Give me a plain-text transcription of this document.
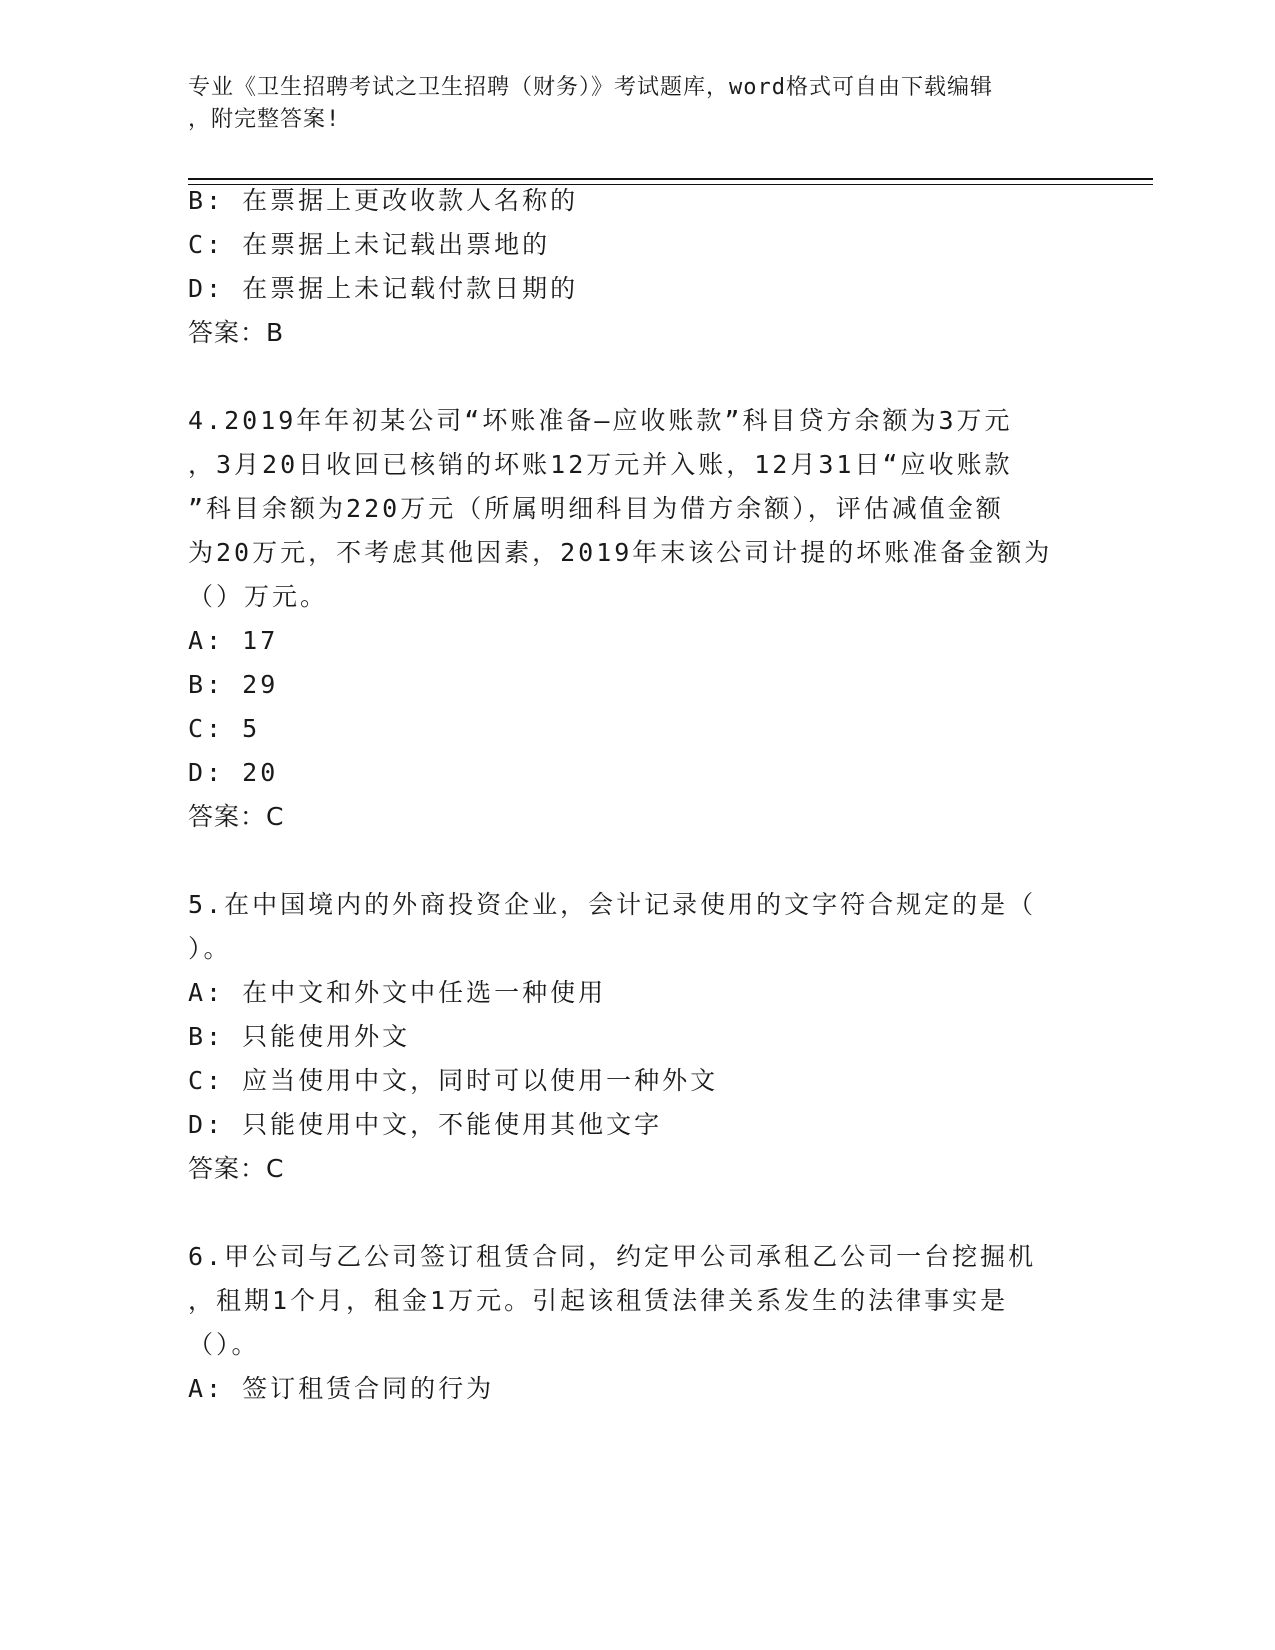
专业《卫生招聘考试之卫生招聘（财务）》考试题库，word格式可自由下载编辑
，附完整答案!
B: 在票据上更改收款人名称的
C: 在票据上未记载出票地的
D: 在票据上未记载付款日期的
答案：B
4.2019年年初某公司“坏账准备—应收账款”科目贷方余额为3万元
，3月20日收回已核销的坏账12万元并入账，12月31日“应收账款
”科目余额为220万元（所属明细科目为借方余额），评估减值金额
为20万元，不考虑其他因素，2019年末该公司计提的坏账准备金额为
（）万元。
A: 17
B: 29
C: 5
D: 20
答案：C
5.在中国境内的外商投资企业，会计记录使用的文字符合规定的是（
）。
A: 在中文和外文中任选一种使用
B: 只能使用外文
C: 应当使用中文，同时可以使用一种外文
D: 只能使用中文，不能使用其他文字
答案：C
6.甲公司与乙公司签订租赁合同，约定甲公司承租乙公司一台挖掘机
，租期1个月，租金1万元。引起该租赁法律关系发生的法律事实是
（）。
A: 签订租赁合同的行为
